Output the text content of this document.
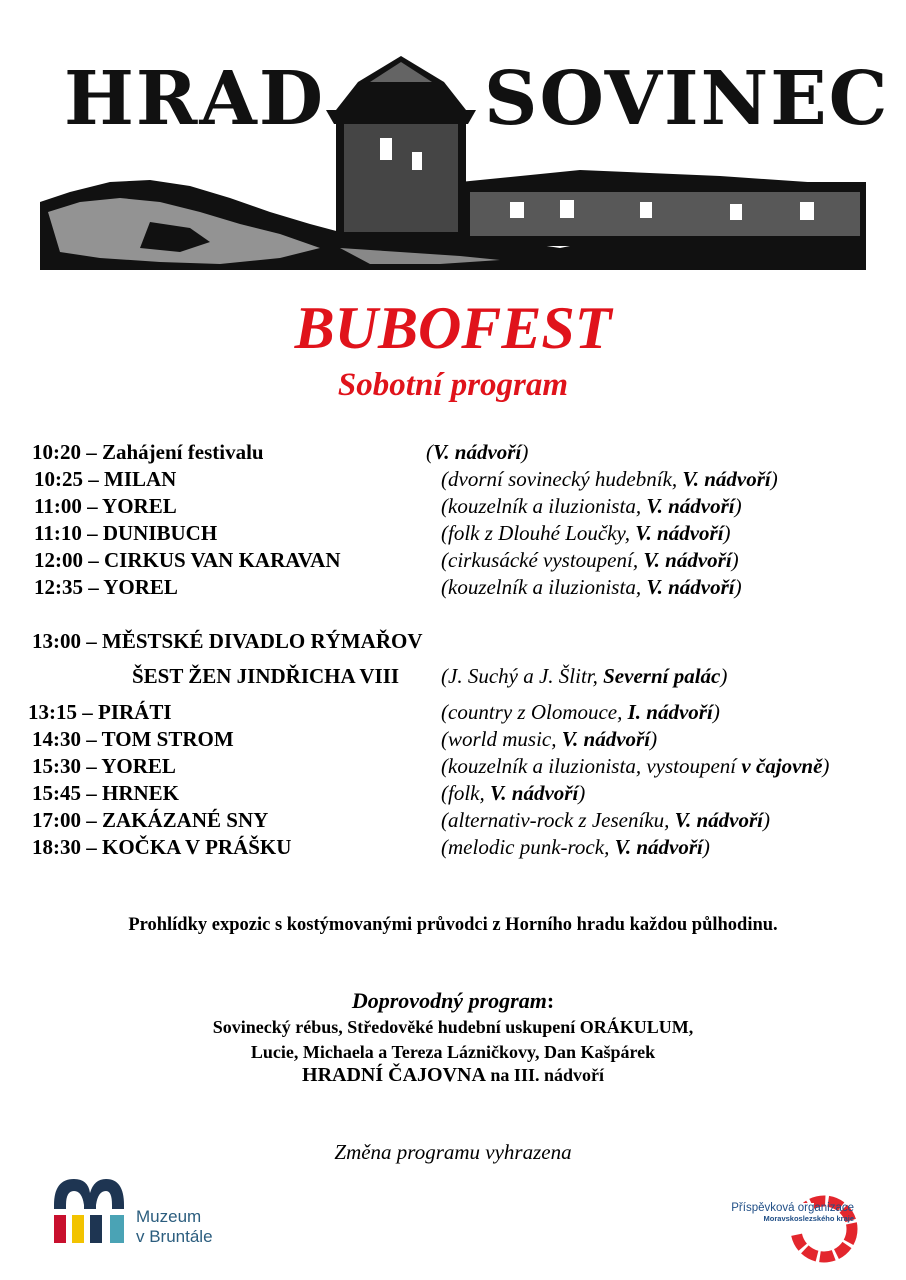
HRAD SOVINEC
BUBOFEST
Sobotní program
10:20 – Zahájení festivalu	(V. nádvoří)
10:25 – MILAN	(dvorní sovinecký hudebník, V. nádvoří)
11:00 – YOREL	(kouzelník a iluzionista, V. nádvoří)
11:10 – DUNIBUCH	(folk z Dlouhé Loučky, V. nádvoří)
12:00 – CIRKUS VAN KARAVAN	(cirkusácké vystoupení, V. nádvoří)
12:35 – YOREL	(kouzelník a iluzionista, V. nádvoří)
13:00 – MĚSTSKÉ DIVADLO RÝMAŘOV
ŠEST ŽEN JINDŘICHA VIII (J. Suchý a J. Šlitr, Severní palác)
13:15 – PIRÁTI	(country z Olomouce, I. nádvoří)
14:30 – TOM STROM	(world music, V. nádvoří)
15:30 – YOREL	(kouzelník a iluzionista, vystoupení v čajovně)
15:45 – HRNEK	(folk, V. nádvoří)
17:00 – ZAKÁZANÉ SNY	(alternativ-rock z Jeseníku, V. nádvoří)
18:30 – KOČKA V PRÁŠKU	(melodic punk-rock, V. nádvoří)
Prohlídky expozic s kostýmovanými průvodci z Horního hradu každou půlhodinu.
Doprovodný program:
Sovinecký rébus, Středověké hudební uskupení ORÁKULUM,
Lucie, Michaela a Tereza Lázničkovy, Dan Kašpárek
HRADNÍ ČAJOVNA na III. nádvoří
Změna programu vyhrazena
Muzeum
v Bruntále
Příspěvková organizace
Moravskoslezského kraje
